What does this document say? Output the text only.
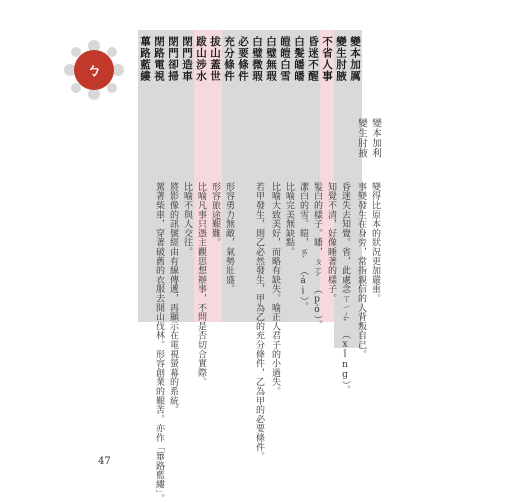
ㄅ	變本加厲
變生肘腋
不省人事
昏迷不醒
白髮皤皤
皚皚白雪
白璧無瑕
白璧微瑕
必要條件
充分條件
拔山蓋世
跋山涉水
閉門造車
閉門卻掃
閉路電視
蓽路藍縷
變本加利
變生肘掖
變得比原本的狀況更加嚴重。
事變發生在身旁，常指親信的人背叛自己。
昏迷失去知覺。省，此處念ㄒㄧㄥˇ（xǐng）。
知覺不清，好像睡著的樣子。
髮白的樣子。皤，ㄆㄛˊ（pó）。
潔白的雪。皚，ㄞˊ（ái）。
比喻完美無缺點。
比喻大致美好，而略有缺失。喻正人君子的小過失。
若甲發生，則乙必然發生，甲為乙的充分條件，乙為甲的必要條件。
形容勇力無敵，氣勢壯盛。
形容旅途艱難。
比喻凡事只憑主觀思想辦事，不問是否切合實際。
比喻不與人交往。
將影像的訊號經由有線傳遞，再顯示在電視螢幕的系統。
駕著柴車，穿著破舊的衣服去開山伐林。形容創業的艱苦。亦作「篳路藍縷」。
47
